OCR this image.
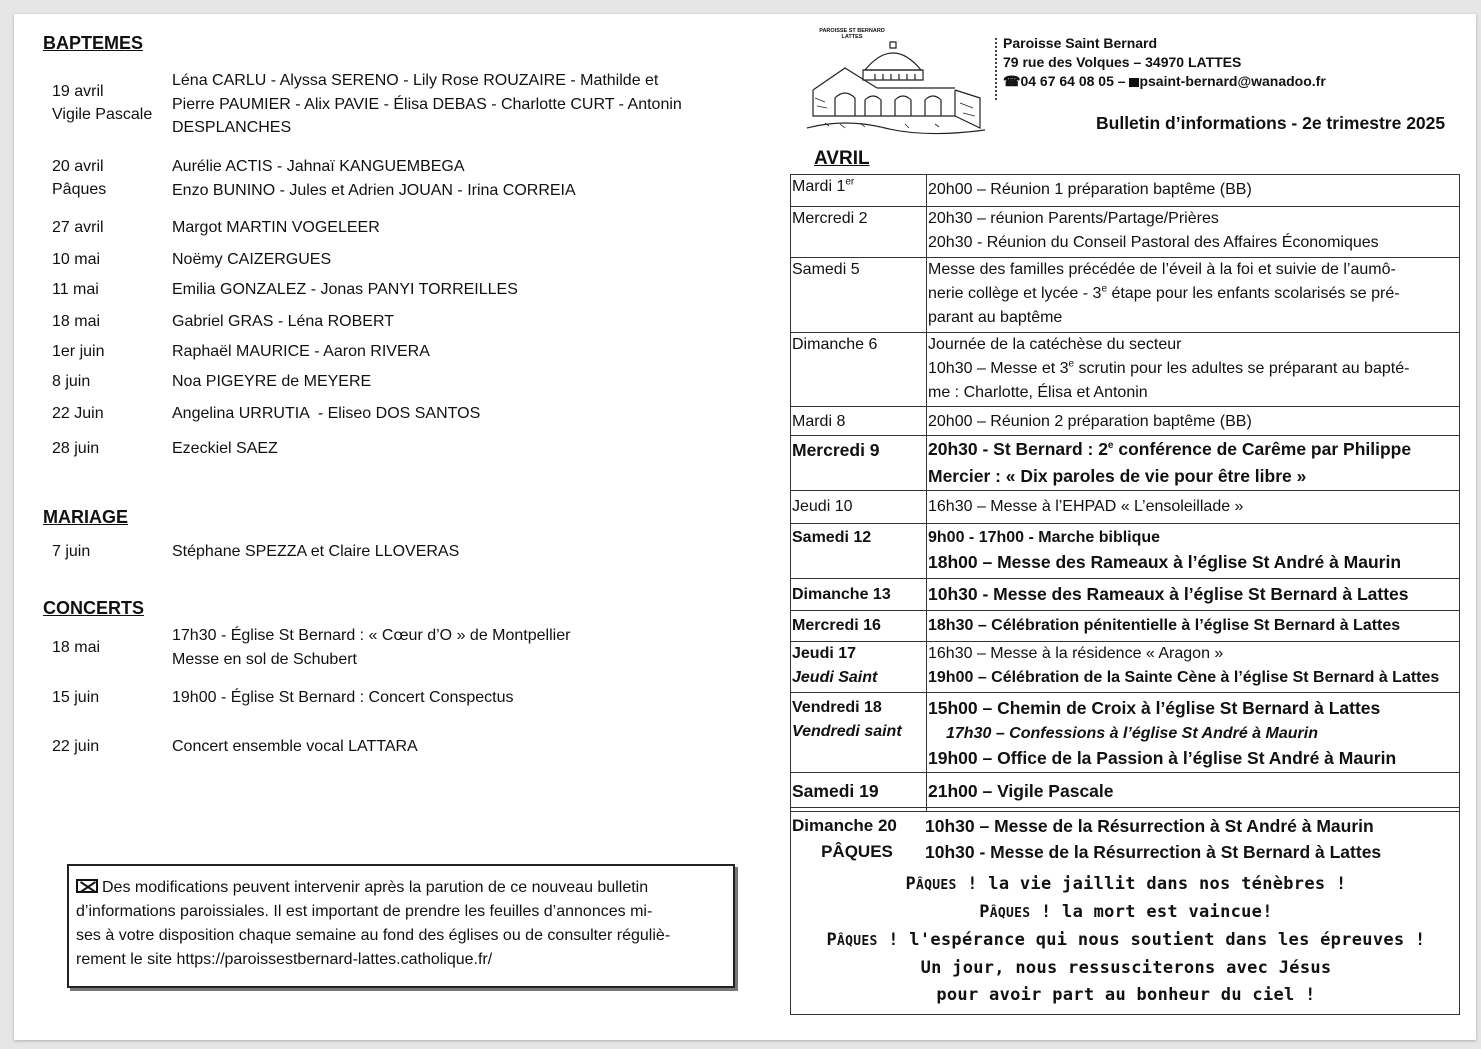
BAPTEMES
19 avril
Vigile Pascale
Léna CARLU - Alyssa SERENO - Lily Rose ROUZAIRE - Mathilde et
Pierre PAUMIER - Alix PAVIE - Élisa DEBAS - Charlotte CURT - Antonin
DESPLANCHES
20 avril
Pâques
Aurélie ACTIS - Jahnaï KANGUEMBEGA
Enzo BUNINO - Jules et Adrien JOUAN - Irina CORREIA
27 avril	Margot MARTIN VOGELEER
10 mai	Noëmy CAIZERGUES
11 mai	Emilia GONZALEZ - Jonas PANYI TORREILLES
18 mai	Gabriel GRAS - Léna ROBERT
1er juin	Raphaël MAURICE - Aaron RIVERA
8 juin	Noa PIGEYRE de MEYERE
22 Juin	Angelina URRUTIA  - Eliseo DOS SANTOS
28 juin	Ezeckiel SAEZ
MARIAGE
7 juin	Stéphane SPEZZA et Claire LLOVERAS
CONCERTS
18 mai
17h30 - Église St Bernard : « Cœur d’O » de Montpellier
Messe en sol de Schubert
15 juin	19h00 - Église St Bernard : Concert Conspectus
22 juin	Concert ensemble vocal LATTARA
Des modifications peuvent intervenir après la parution de ce nouveau bulletin
d’informations paroissiales. Il est important de prendre les feuilles d’annonces mi-
ses à votre disposition chaque semaine au fond des églises ou de consulter réguliè-
rement le site https://paroissestbernard-lattes.catholique.fr/
PAROISSE ST BERNARD
LATTES	Paroisse Saint Bernard
79 rue des Volques – 34970 LATTES
☎04 67 64 08 05 – psaint-bernard@wanadoo.fr
Bulletin d’informations - 2e trimestre 2025
AVRIL
Mardi 1er	20h00 – Réunion 1 préparation baptême (BB)
Mercredi 2	20h30 – réunion Parents/Partage/Prières
20h30 - Réunion du Conseil Pastoral des Affaires Économiques
Samedi 5	Messe des familles précédée de l’éveil à la foi et suivie de l’aumô-
nerie collège et lycée - 3e étape pour les enfants scolarisés se pré-
parant au baptême
Dimanche 6	Journée de la catéchèse du secteur
10h30 – Messe et 3e scrutin pour les adultes se préparant au bapté-
me : Charlotte, Élisa et Antonin
Mardi 8	20h00 – Réunion 2 préparation baptême (BB)
Mercredi 9	20h30 - St Bernard : 2e conférence de Carême par Philippe
Mercier : « Dix paroles de vie pour être libre »
Jeudi 10	16h30 – Messe à l’EHPAD « L’ensoleillade »
Samedi 12	9h00 - 17h00 - Marche biblique
18h00 – Messe des Rameaux à l’église St André à Maurin
Dimanche 13	10h30 - Messe des Rameaux à l’église St Bernard à Lattes
Mercredi 16	18h30 – Célébration pénitentielle à l’église St Bernard à Lattes
Jeudi 17
Jeudi Saint	16h30 – Messe à la résidence « Aragon »
19h00 – Célébration de la Sainte Cène à l’église St Bernard à Lattes
Vendredi 18
Vendredi saint	15h00 – Chemin de Croix à l’église St Bernard à Lattes
17h30 – Confessions à l’église St André à Maurin
19h00 – Office de la Passion à l’église St André à Maurin
Samedi 19	21h00 – Vigile Pascale
Dimanche 20
PÂQUES
10h30 – Messe de la Résurrection à St André à Maurin
10h30 - Messe de la Résurrection à St Bernard à Lattes
PÂQUES ! la vie jaillit dans nos ténèbres !
PÂQUES ! la mort est vaincue!
PÂQUES ! l'espérance qui nous soutient dans les épreuves !
Un jour, nous ressusciterons avec Jésus
pour avoir part au bonheur du ciel !
